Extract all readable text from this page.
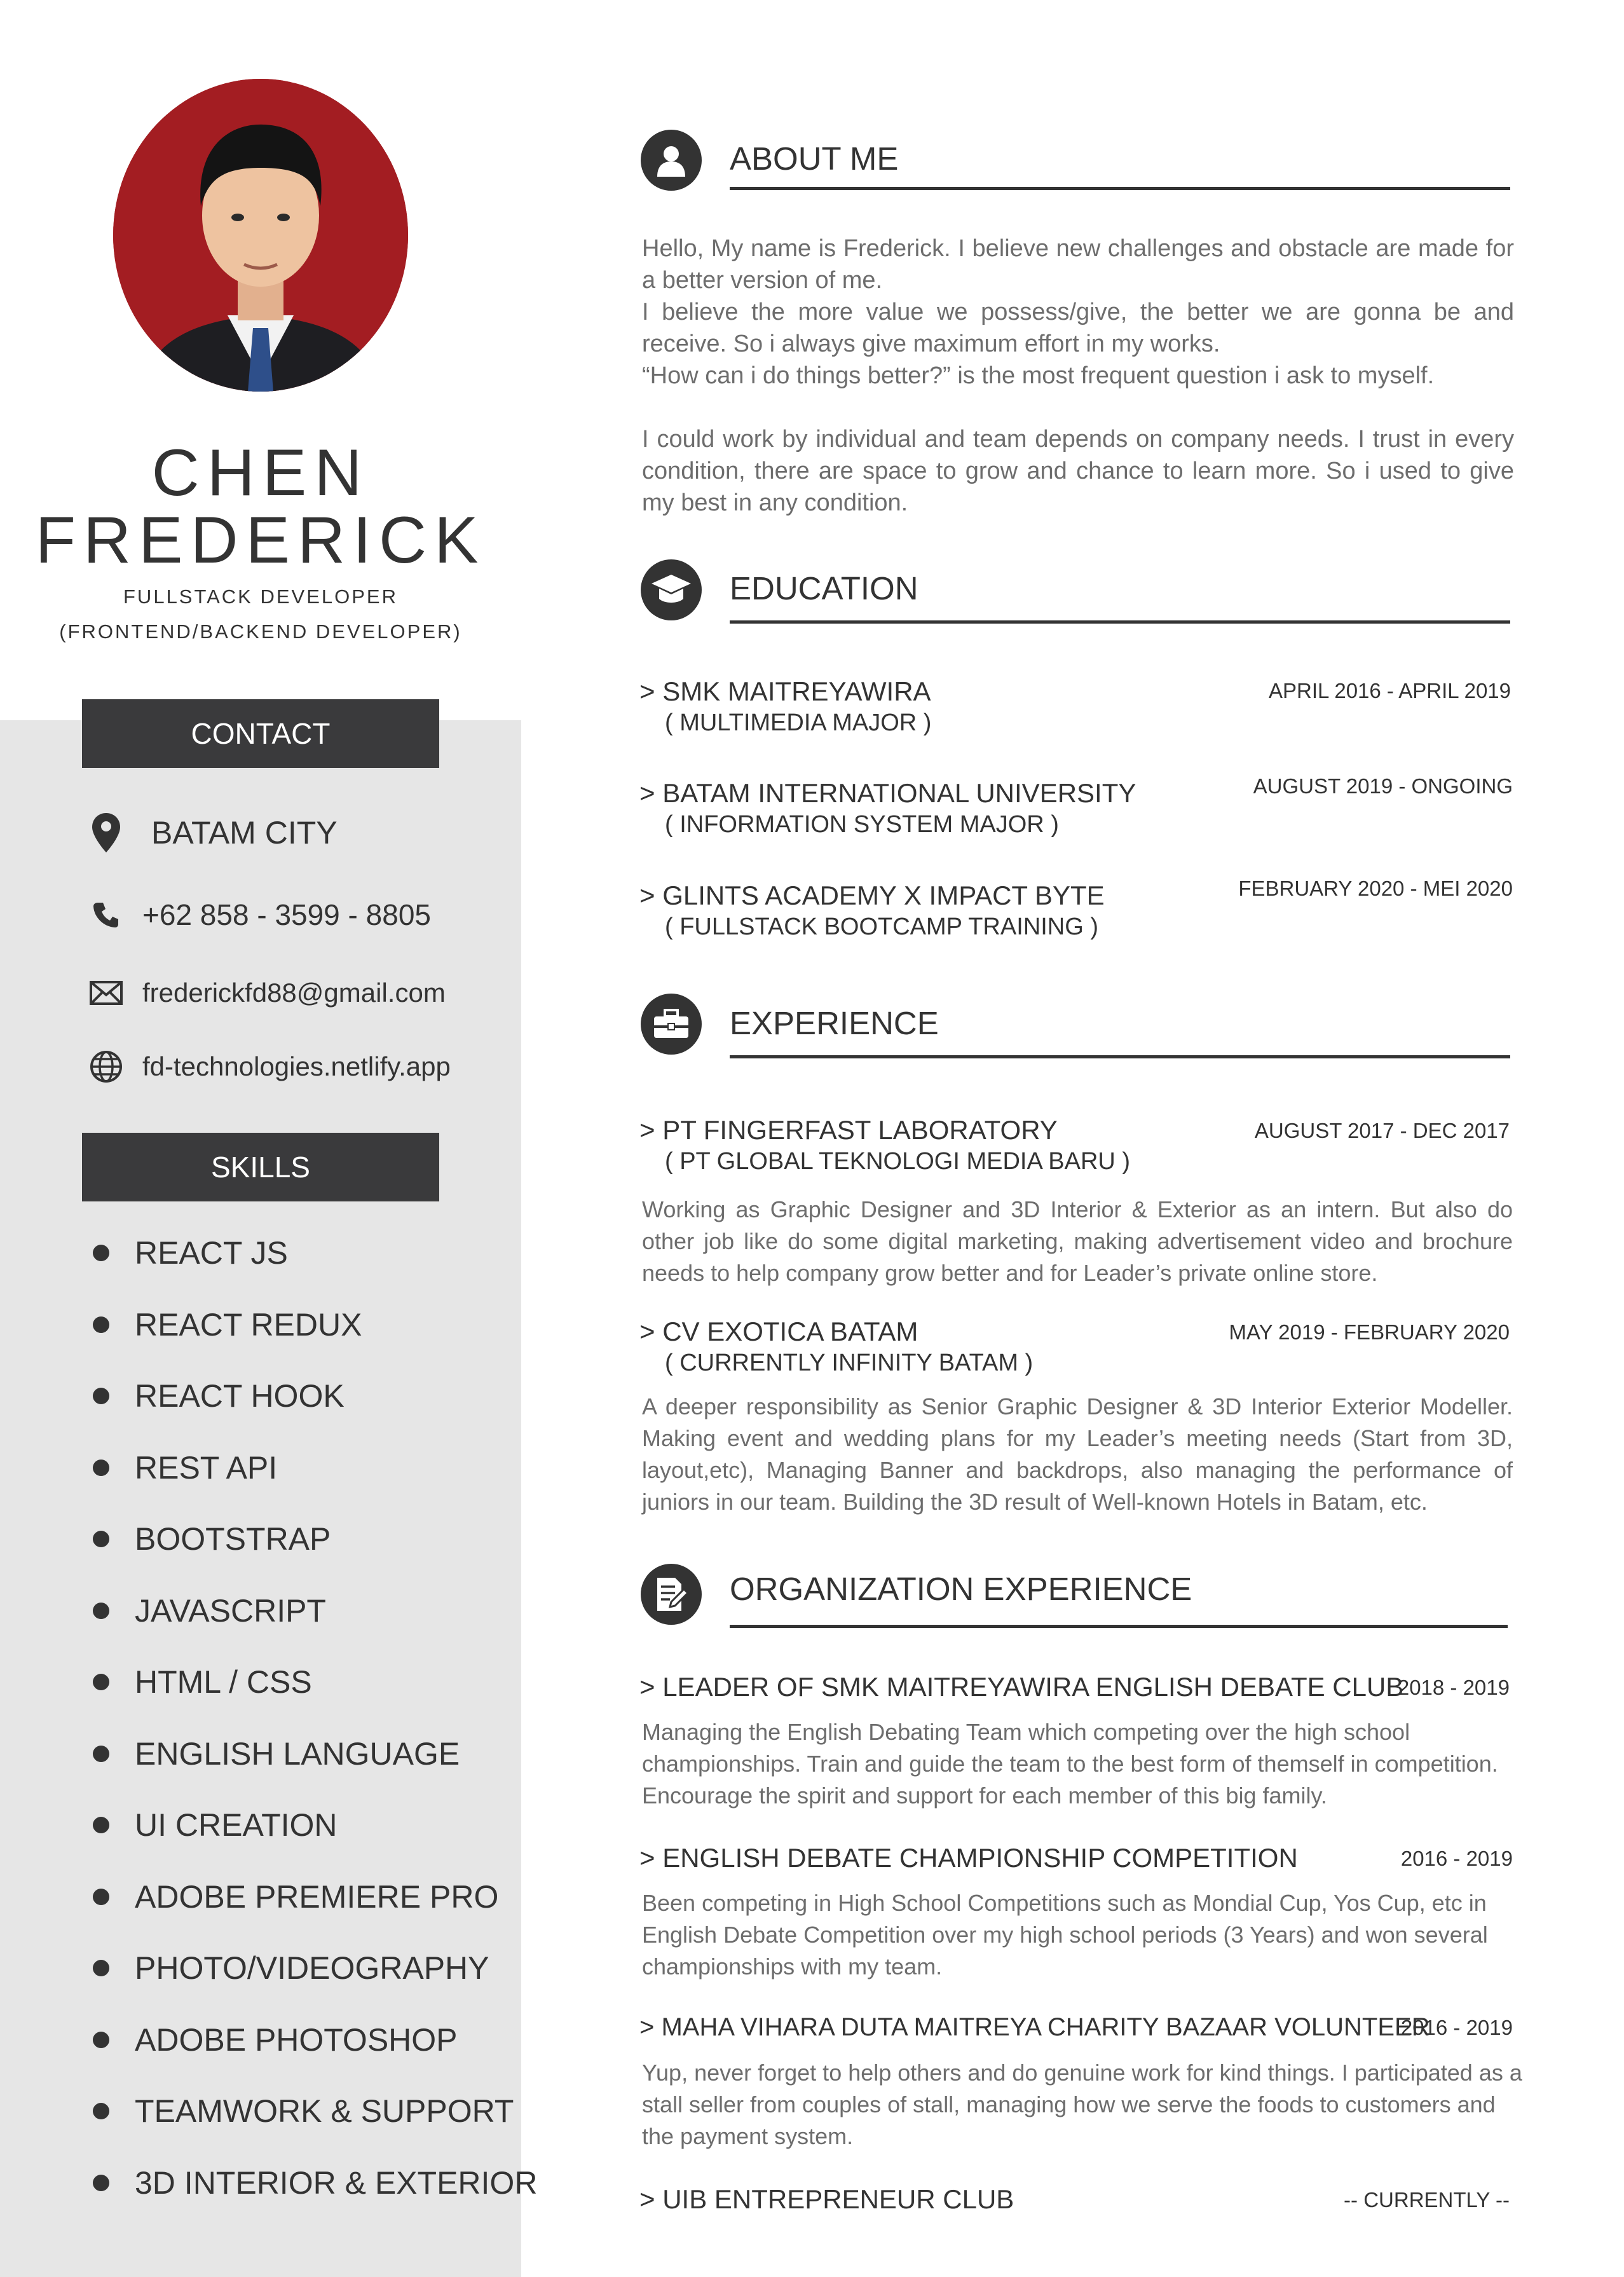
CHEN
FREDERICK
FULLSTACK DEVELOPER
(FRONTEND/BACKEND DEVELOPER)
CONTACT
BATAM CITY
+62 858 - 3599 - 8805
frederickfd88@gmail.com
fd-technologies.netlify.app
SKILLS
REACT JS
REACT REDUX
REACT HOOK
REST API
BOOTSTRAP
JAVASCRIPT
HTML / CSS
ENGLISH LANGUAGE
UI CREATION
ADOBE PREMIERE PRO
PHOTO/VIDEOGRAPHY
ADOBE PHOTOSHOP
TEAMWORK & SUPPORT
3D INTERIOR & EXTERIOR
ABOUT ME

Hello, My name is Frederick. I believe new challenges and obstacle are made for a better version of me.

I believe the more value we possess/give, the better we are gonna be and receive. So i always give maximum effort in my works.

“How can i do things better?” is the most frequent question i ask to myself.

I could work by individual and team depends on company needs. I trust in every condition, there are space to grow and chance to learn more. So i used to give my best in any condition.

EDUCATION
> SMK MAITREYAWIRA
( MULTIMEDIA MAJOR )
APRIL 2016 - APRIL 2019
> BATAM INTERNATIONAL UNIVERSITY
( INFORMATION SYSTEM MAJOR )
AUGUST 2019 - ONGOING
> GLINTS ACADEMY X IMPACT BYTE
( FULLSTACK BOOTCAMP TRAINING )
FEBRUARY 2020 - MEI 2020
EXPERIENCE
> PT FINGERFAST LABORATORY
( PT GLOBAL TEKNOLOGI MEDIA BARU )
AUGUST 2017 - DEC 2017
Working as Graphic Designer and 3D Interior & Exterior as an intern. But also do other job like do some digital marketing, making advertisement video and brochure needs to help company grow better and for Leader’s private online store.
> CV EXOTICA BATAM
( CURRENTLY INFINITY BATAM )
MAY 2019 - FEBRUARY 2020
A deeper responsibility as Senior Graphic Designer & 3D Interior Exterior Modeller. Making event and wedding plans for my Leader’s meeting needs (Start from 3D, layout,etc), Managing Banner and backdrops, also managing the performance of juniors in our team. Building the 3D result of Well-known Hotels in Batam, etc.
ORGANIZATION EXPERIENCE
> LEADER OF SMK MAITREYAWIRA ENGLISH DEBATE CLUB
2018 - 2019
Managing the English Debating Team which competing over the high school championships. Train and guide the team to the best form of themself in competition. Encourage the spirit and support for each member of this big family.
> ENGLISH DEBATE CHAMPIONSHIP COMPETITION	2016 - 2019
Been competing in High School Competitions such as Mondial Cup, Yos Cup, etc in English Debate Competition over my high school periods (3 Years) and won several championships with my team.
> MAHA VIHARA DUTA MAITREYA CHARITY BAZAAR VOLUNTEER
2016 - 2019
Yup, never forget to help others and do genuine work for kind things. I participated as a stall seller from couples of stall, managing how we serve the foods to customers and the payment system.
> UIB ENTREPRENEUR CLUB	-- CURRENTLY --
